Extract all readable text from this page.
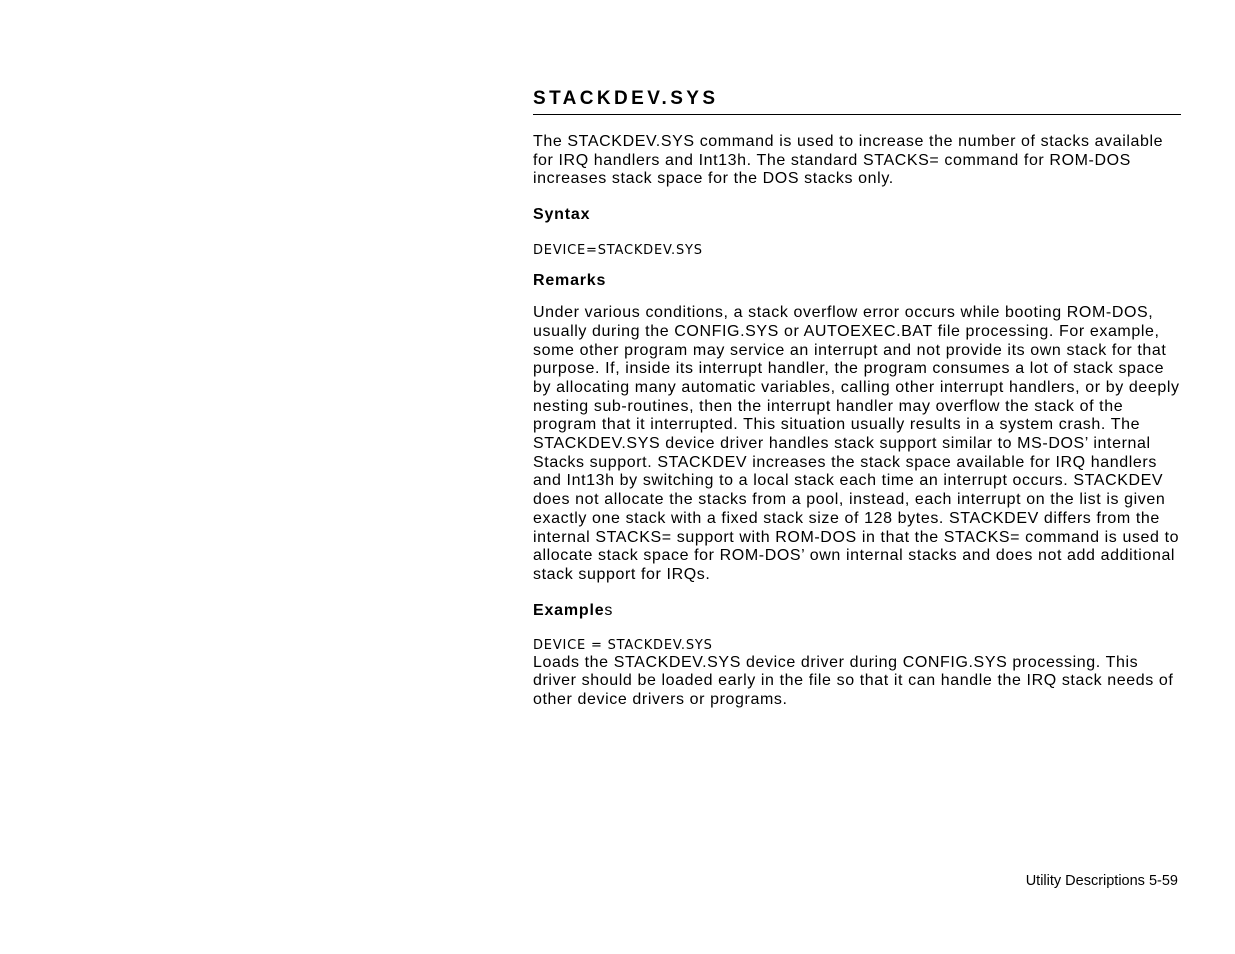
STACKDEV.SYS

The STACKDEV.SYS command is used to increase the number of stacks available for IRQ handlers and Int13h. The standard STACKS= command for ROM-DOS increases stack space for the DOS stacks only.

Syntax

DEVICE=STACKDEV.SYS

Remarks

Under various conditions, a stack overflow error occurs while booting ROM-DOS, usually during the CONFIG.SYS or AUTOEXEC.BAT file processing. For example, some other program may service an interrupt and not provide its own stack for that purpose. If, inside its interrupt handler, the program consumes a lot of stack space by allocating many automatic variables, calling other interrupt handlers, or by deeply nesting sub-routines, then the interrupt handler may overflow the stack of the program that it interrupted. This situation usually results in a system crash. The STACKDEV.SYS device driver handles stack support similar to MS-DOS’ internal Stacks support. STACKDEV increases the stack space available for IRQ handlers and Int13h by switching to a local stack each time an interrupt occurs. STACKDEV does not allocate the stacks from a pool, instead, each interrupt on the list is given exactly one stack with a fixed stack size of 128 bytes. STACKDEV differs from the internal STACKS= support with ROM-DOS in that the STACKS= command is used to allocate stack space for ROM-DOS’ own internal stacks and does not add additional stack support for IRQs.

Examples

DEVICE = STACKDEV.SYS

Loads the STACKDEV.SYS device driver during CONFIG.SYS processing. This driver should be loaded early in the file so that it can handle the IRQ stack needs of other device drivers or programs.

Utility Descriptions 5-59
